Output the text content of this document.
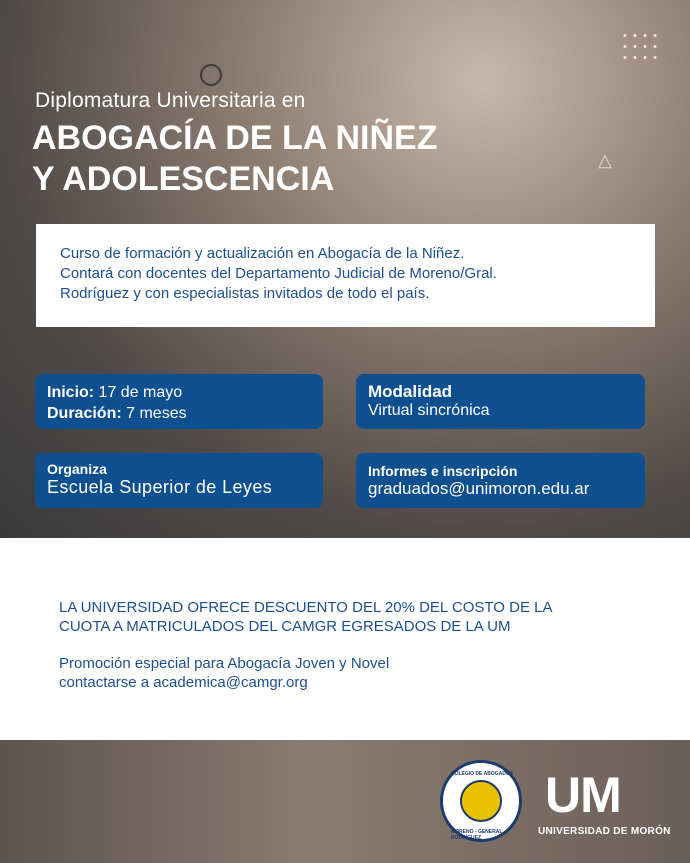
△
Diplomatura Universitaria en
ABOGACÍA DE LA NIÑEZ
Y ADOLESCENCIA

Curso de formación y actualización en Abogacía de la Niñez.

Contará con docentes del Departamento Judicial de Moreno/Gral.

Rodríguez y con especialistas invitados de todo el país.

Inicio: 17 de mayo
Duración: 7 meses
Modalidad
Virtual sincrónica
Organiza
Escuela Superior de Leyes
Informes e inscripción
graduados@unimoron.edu.ar

LA UNIVERSIDAD OFRECE DESCUENTO DEL 20% DEL COSTO DE LA
CUOTA A MATRICULADOS DEL CAMGR EGRESADOS DE LA UM

Promoción especial para Abogacía Joven y Novel
contactarse a academica@camgr.org

COLEGIO DE ABOGADOS
MORENO - GENERAL RODRÍGUEZ
UM
UNIVERSIDAD DE MORÓN
